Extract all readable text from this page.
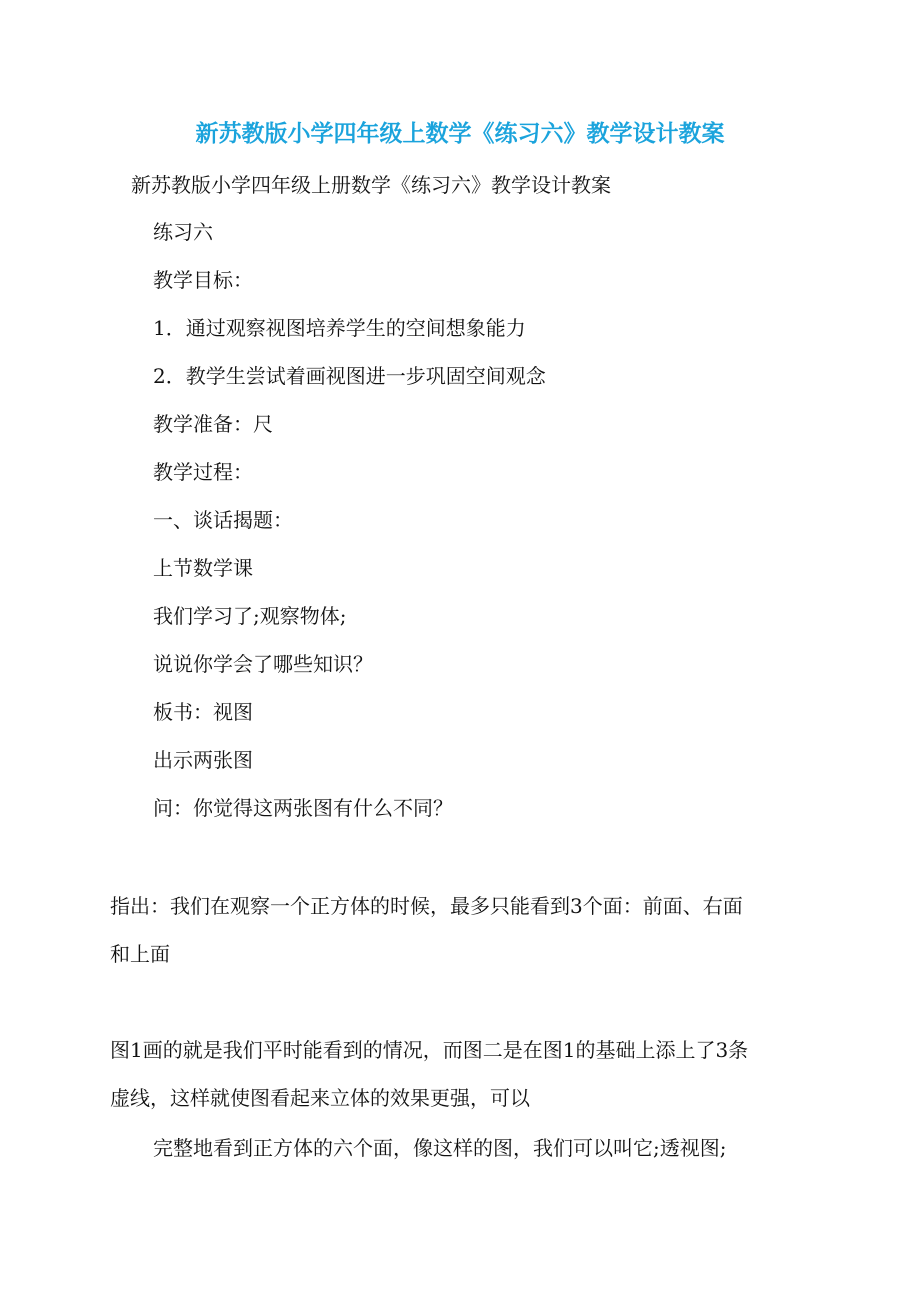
新苏教版小学四年级上数学《练习六》教学设计教案
新苏教版小学四年级上册数学《练习六》教学设计教案
练习六
教学目标：
1．通过观察视图培养学生的空间想象能力
2．教学生尝试着画视图进一步巩固空间观念
教学准备：尺
教学过程：
一、谈话揭题：
上节数学课
我们学习了;观察物体;
说说你学会了哪些知识？
板书：视图
出示两张图
问：你觉得这两张图有什么不同？
指出：我们在观察一个正方体的时候，最多只能看到3个面：前面、右面
和上面
图1画的就是我们平时能看到的情况，而图二是在图1的基础上添上了3条
虚线，这样就使图看起来立体的效果更强，可以
完整地看到正方体的六个面，像这样的图，我们可以叫它;透视图;
